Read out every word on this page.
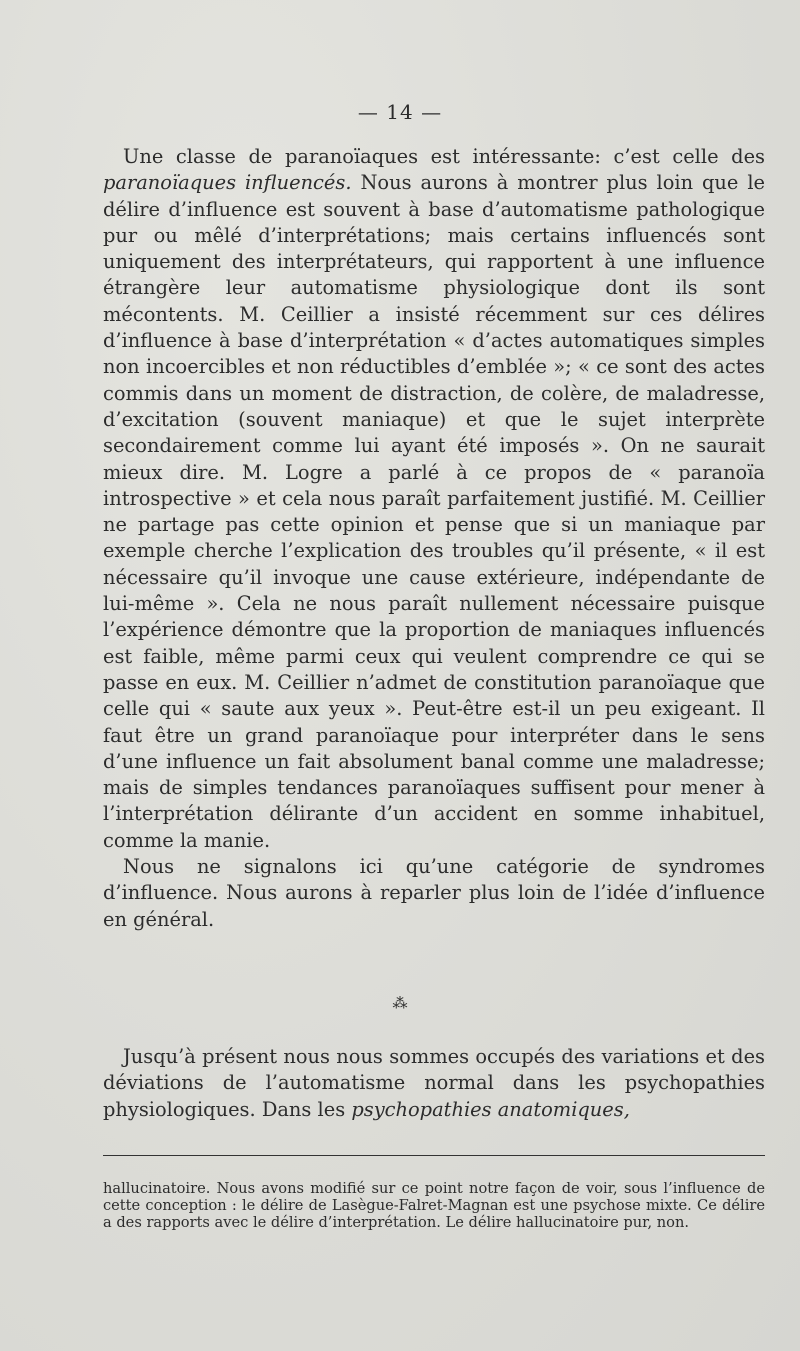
— 14 —

Une classe de paranoïaques est intéressante: c’est celle des paranoïaques influencés. Nous aurons à montrer plus loin que le délire d’influence est souvent à base d’automatisme pathologique pur ou mêlé d’interprétations; mais certains influencés sont uniquement des interprétateurs, qui rapportent à une influence étrangère leur automatisme physiologique dont ils sont mécontents. M. Ceillier a insisté récemment sur ces délires d’influence à base d’interprétation « d’actes automatiques simples non incoercibles et non réductibles d’emblée »; « ce sont des actes commis dans un moment de distraction, de colère, de maladresse, d’excitation (souvent maniaque) et que le sujet interprète secondairement comme lui ayant été imposés ». On ne saurait mieux dire. M. Logre a parlé à ce propos de « paranoïa introspective » et cela nous paraît parfaitement justifié. M. Ceillier ne partage pas cette opinion et pense que si un maniaque par exemple cherche l’explication des troubles qu’il présente, « il est nécessaire qu’il invoque une cause extérieure, indépendante de lui-même ». Cela ne nous paraît nullement nécessaire puisque l’expérience démontre que la proportion de maniaques influencés est faible, même parmi ceux qui veulent comprendre ce qui se passe en eux. M. Ceillier n’admet de constitution paranoïaque que celle qui « saute aux yeux ». Peut-être est-il un peu exigeant. Il faut être un grand paranoïaque pour interpréter dans le sens d’une influence un fait absolument banal comme une maladresse; mais de simples tendances paranoïaques suffisent pour mener à l’interprétation délirante d’un accident en somme inhabituel, comme la manie.

Nous ne signalons ici qu’une catégorie de syndromes d’influence. Nous aurons à reparler plus loin de l’idée d’influence en général.

⁂

Jusqu’à présent nous nous sommes occupés des variations et des déviations de l’automatisme normal dans les psychopathies physiologiques. Dans les psychopathies anatomiques,

hallucinatoire. Nous avons modifié sur ce point notre façon de voir, sous l’influence de cette conception : le délire de Lasègue-Falret-Magnan est une psychose mixte. Ce délire a des rapports avec le délire d’interprétation. Le délire hallucinatoire pur, non.
